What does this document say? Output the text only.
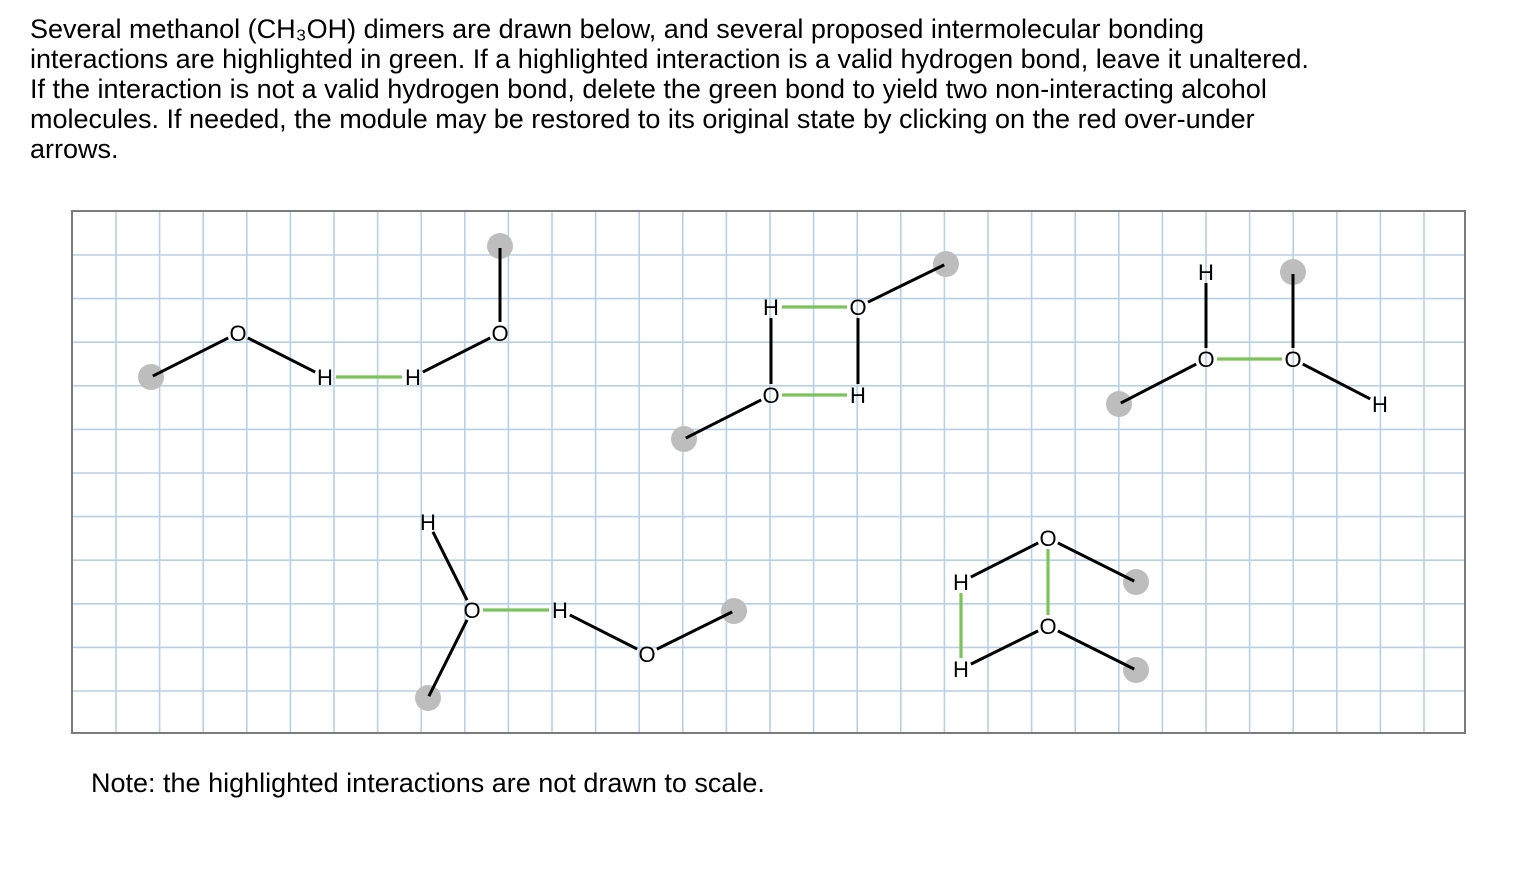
Several methanol (CH₃OH) dimers are drawn below, and several proposed intermolecular bonding
interactions are highlighted in green. If a highlighted interaction is a valid hydrogen bond, leave it unaltered.
If the interaction is not a valid hydrogen bond, delete the green bond to yield two non-interacting alcohol
molecules. If needed, the module may be restored to its original state by clicking on the red over-under
arrows.
O
H	H
O
O
H	O
H
O
H
O
H
H
O	H
O
H
O
H
O
Note: the highlighted interactions are not drawn to scale.
